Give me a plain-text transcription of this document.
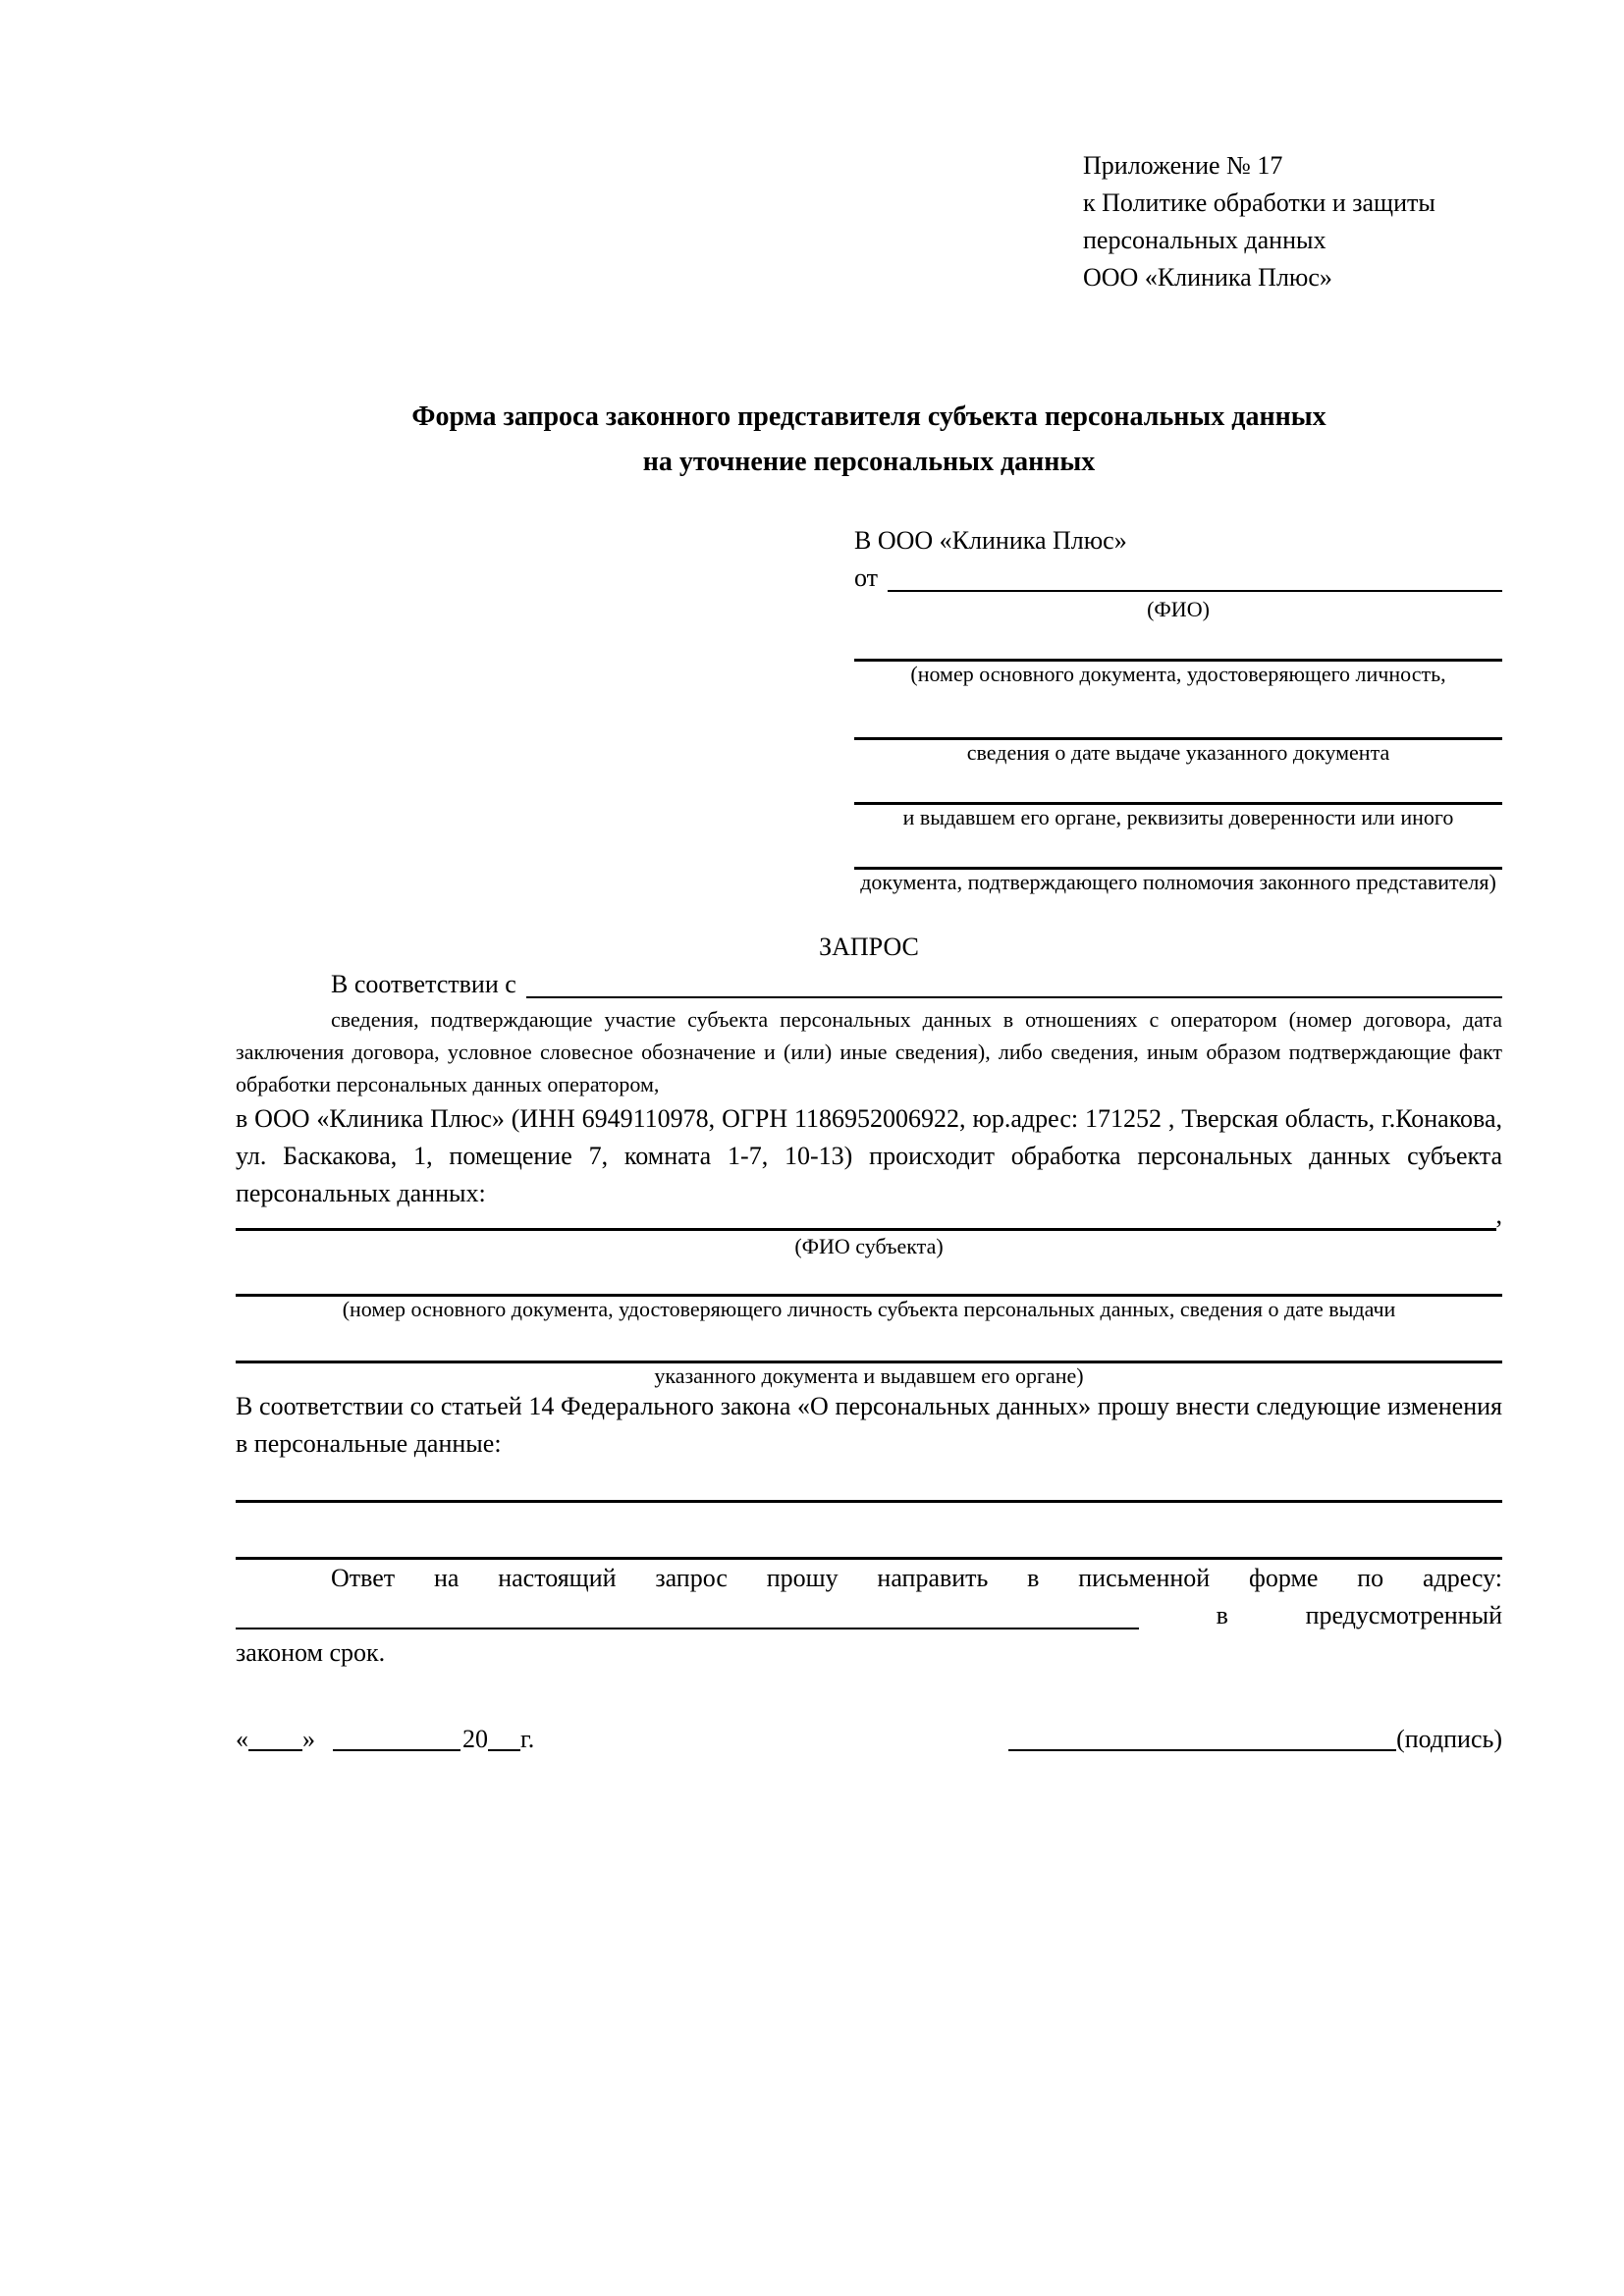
Приложение № 17
к Политике обработки и защиты
персональных данных
ООО «Клиника Плюс»
Форма запроса законного представителя субъекта персональных данных
на уточнение персональных данных
В ООО «Клиника Плюс»
от
(ФИО)
(номер основного документа, удостоверяющего личность,
сведения о дате выдаче указанного документа
и выдавшем его органе, реквизиты доверенности или иного
документа, подтверждающего полномочия законного представителя)
ЗАПРОС
В соответствии с

сведения, подтверждающие участие субъекта персональных данных в отношениях с оператором (номер договора, дата заключения договора, условное словесное обозначение и (или) иные сведения), либо сведения, иным образом подтверждающие факт обработки персональных данных оператором,

в ООО «Клиника Плюс» (ИНН 6949110978, ОГРН 1186952006922, юр.адрес: 171252 , Тверская область, г.Конакова, ул. Баскакова, 1, помещение 7, комната 1-7, 10-13) происходит обработка персональных данных субъекта персональных данных:

,
(ФИО субъекта)
(номер основного документа, удостоверяющего личность субъекта персональных данных, сведения о дате выдачи
указанного документа и выдавшем его органе)

В соответствии со статьей 14 Федерального закона «О персональных данных» прошу внести следующие изменения в персональные данные:

Ответ на настоящий запрос прошу направить в письменной форме по адресу:

в	предусмотренный
законом срок.
« »	20 г.	(подпись)
